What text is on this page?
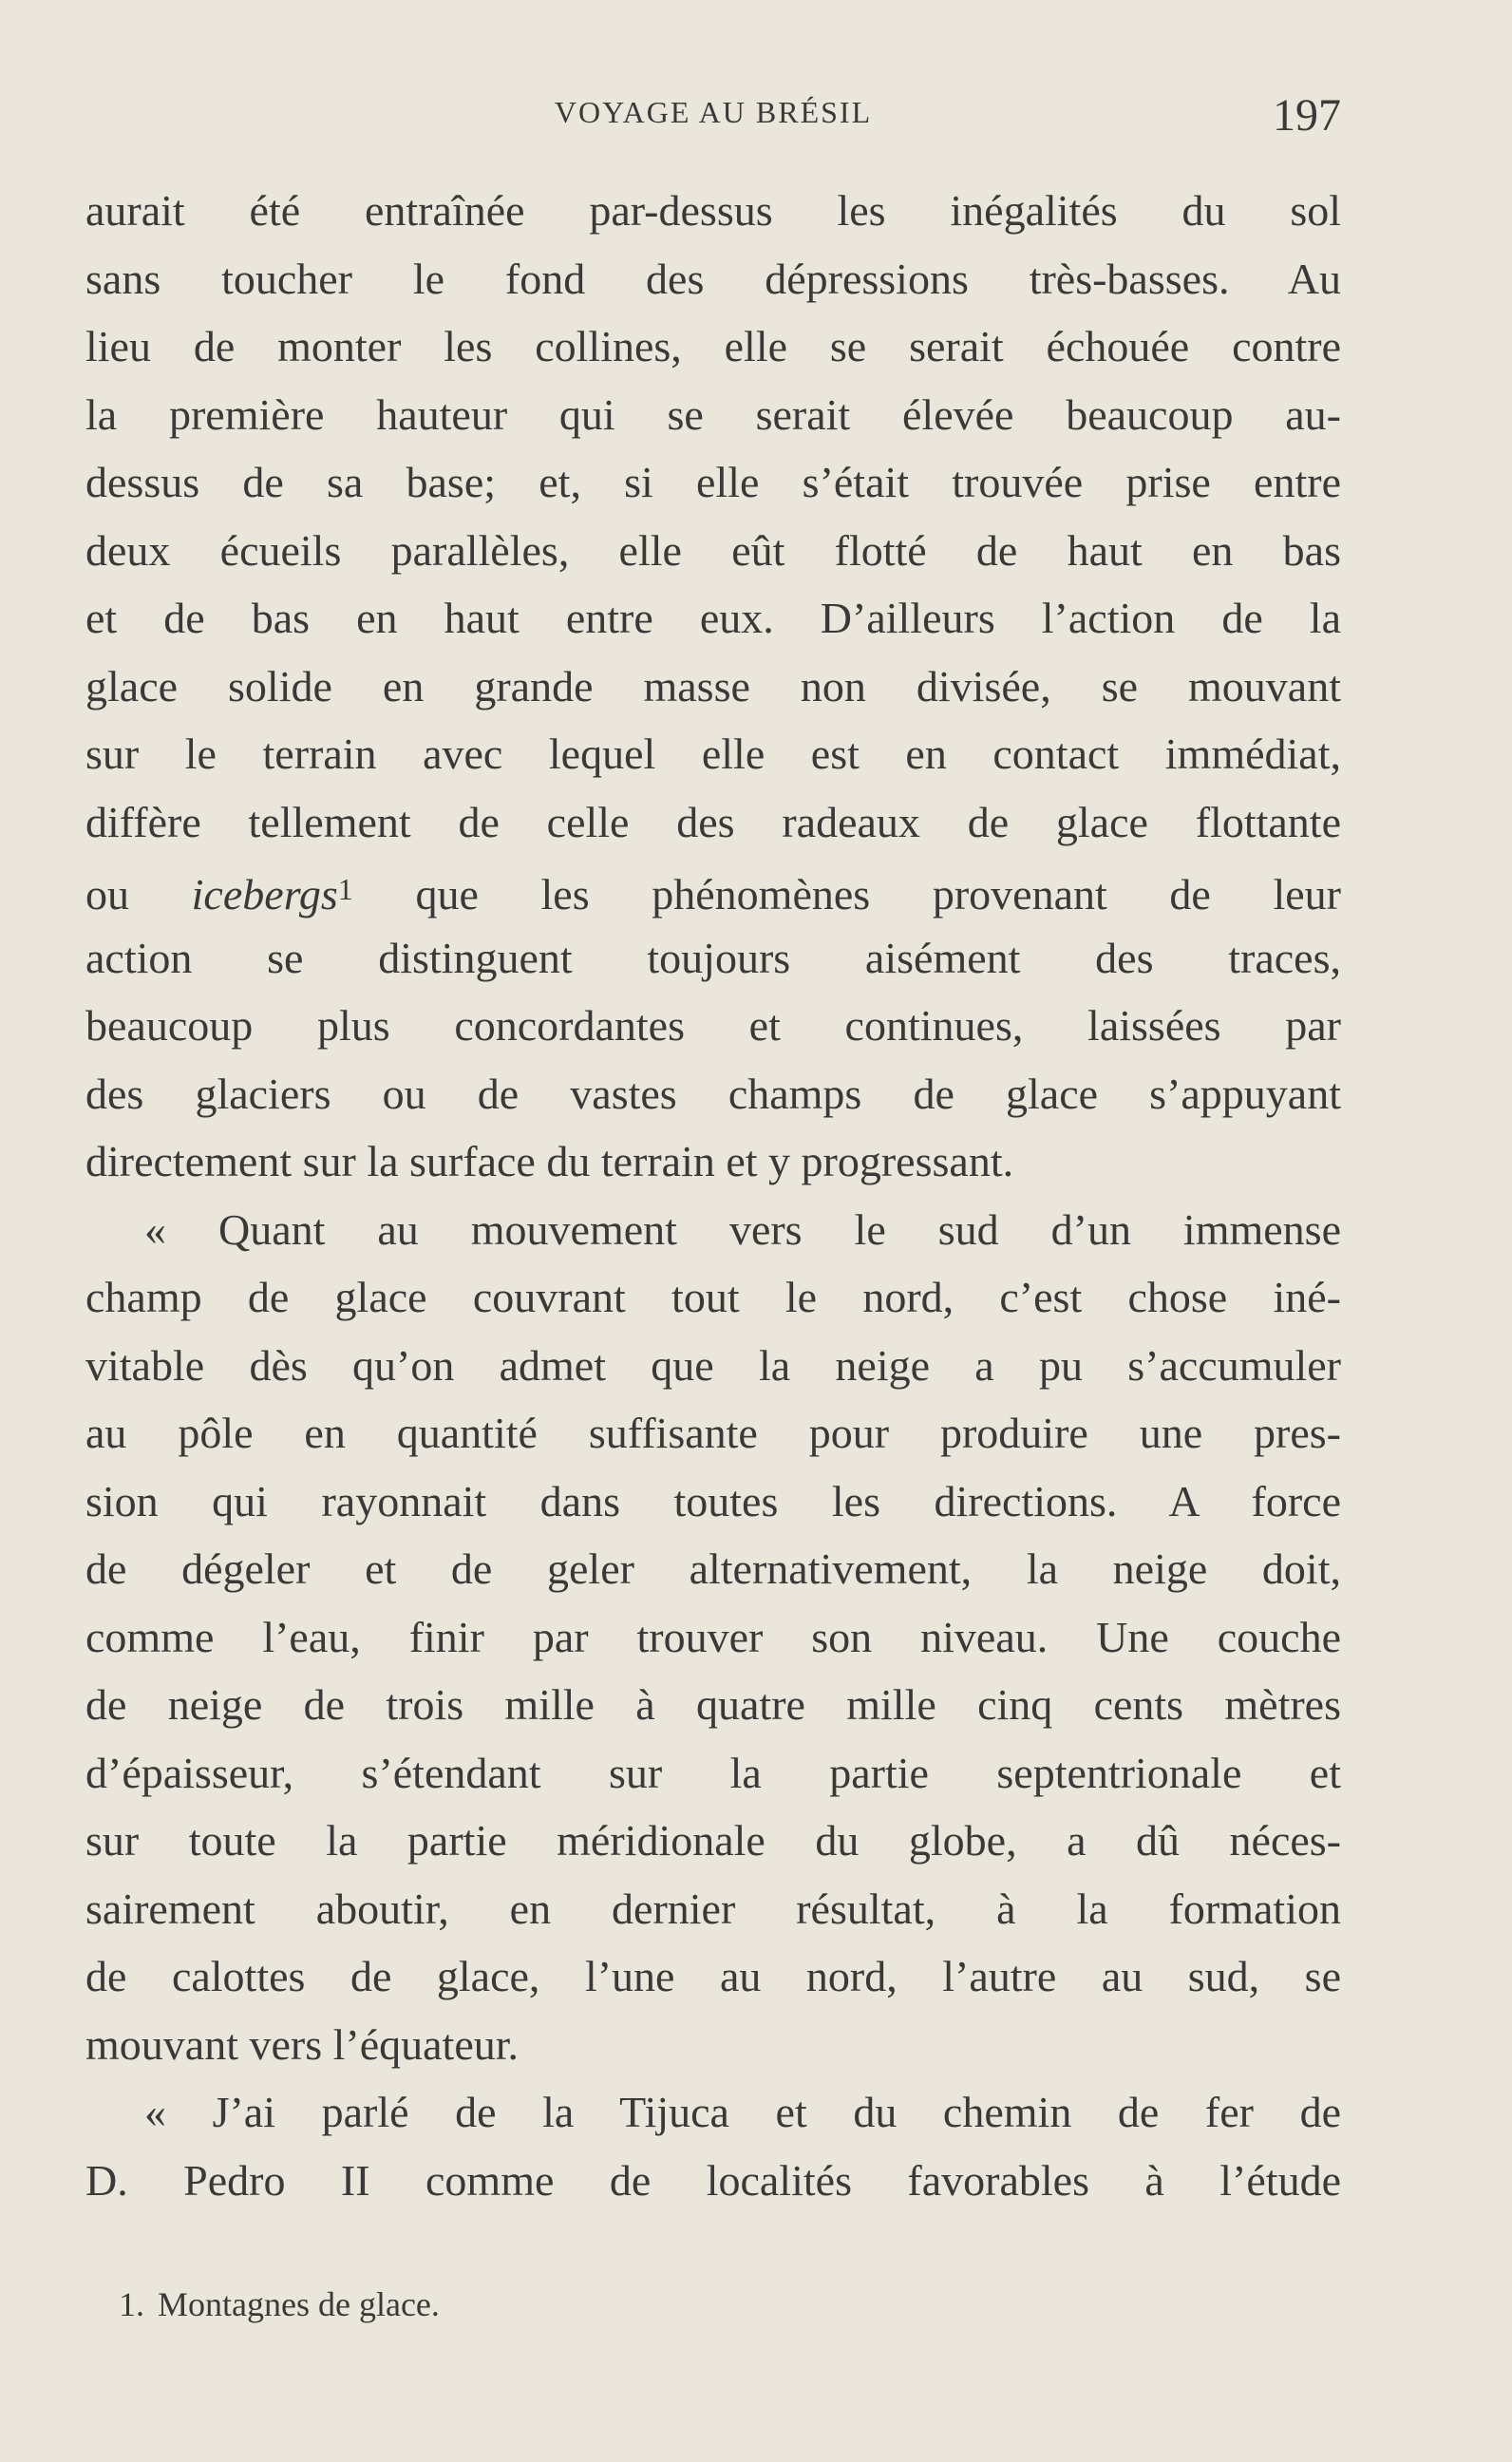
VOYAGE AU BRÉSIL	197
aurait été entraînée par-dessus les inégalités du sol
sans toucher le fond des dépressions très-basses. Au
lieu de monter les collines, elle se serait échouée contre
la première hauteur qui se serait élevée beaucoup au-
dessus de sa base; et, si elle s’était trouvée prise entre
deux écueils parallèles, elle eût flotté de haut en bas
et de bas en haut entre eux. D’ailleurs l’action de la
glace solide en grande masse non divisée, se mouvant
sur le terrain avec lequel elle est en contact immédiat,
diffère tellement de celle des radeaux de glace flottante
ou icebergs$^1$ que les phénomènes provenant de leur
action se distinguent toujours aisément des traces,
beaucoup plus concordantes et continues, laissées par
des glaciers ou de vastes champs de glace s’appuyant
directement sur la surface du terrain et y progressant.
« Quant au mouvement vers le sud d’un immense
champ de glace couvrant tout le nord, c’est chose iné-
vitable dès qu’on admet que la neige a pu s’accumuler
au pôle en quantité suffisante pour produire une pres-
sion qui rayonnait dans toutes les directions. A force
de dégeler et de geler alternativement, la neige doit,
comme l’eau, finir par trouver son niveau. Une couche
de neige de trois mille à quatre mille cinq cents mètres
d’épaisseur, s’étendant sur la partie septentrionale et
sur toute la partie méridionale du globe, a dû néces-
sairement aboutir, en dernier résultat, à la formation
de calottes de glace, l’une au nord, l’autre au sud, se
mouvant vers l’équateur.
« J’ai parlé de la Tijuca et du chemin de fer de
D. Pedro II comme de localités favorables à l’étude
1. Montagnes de glace.
